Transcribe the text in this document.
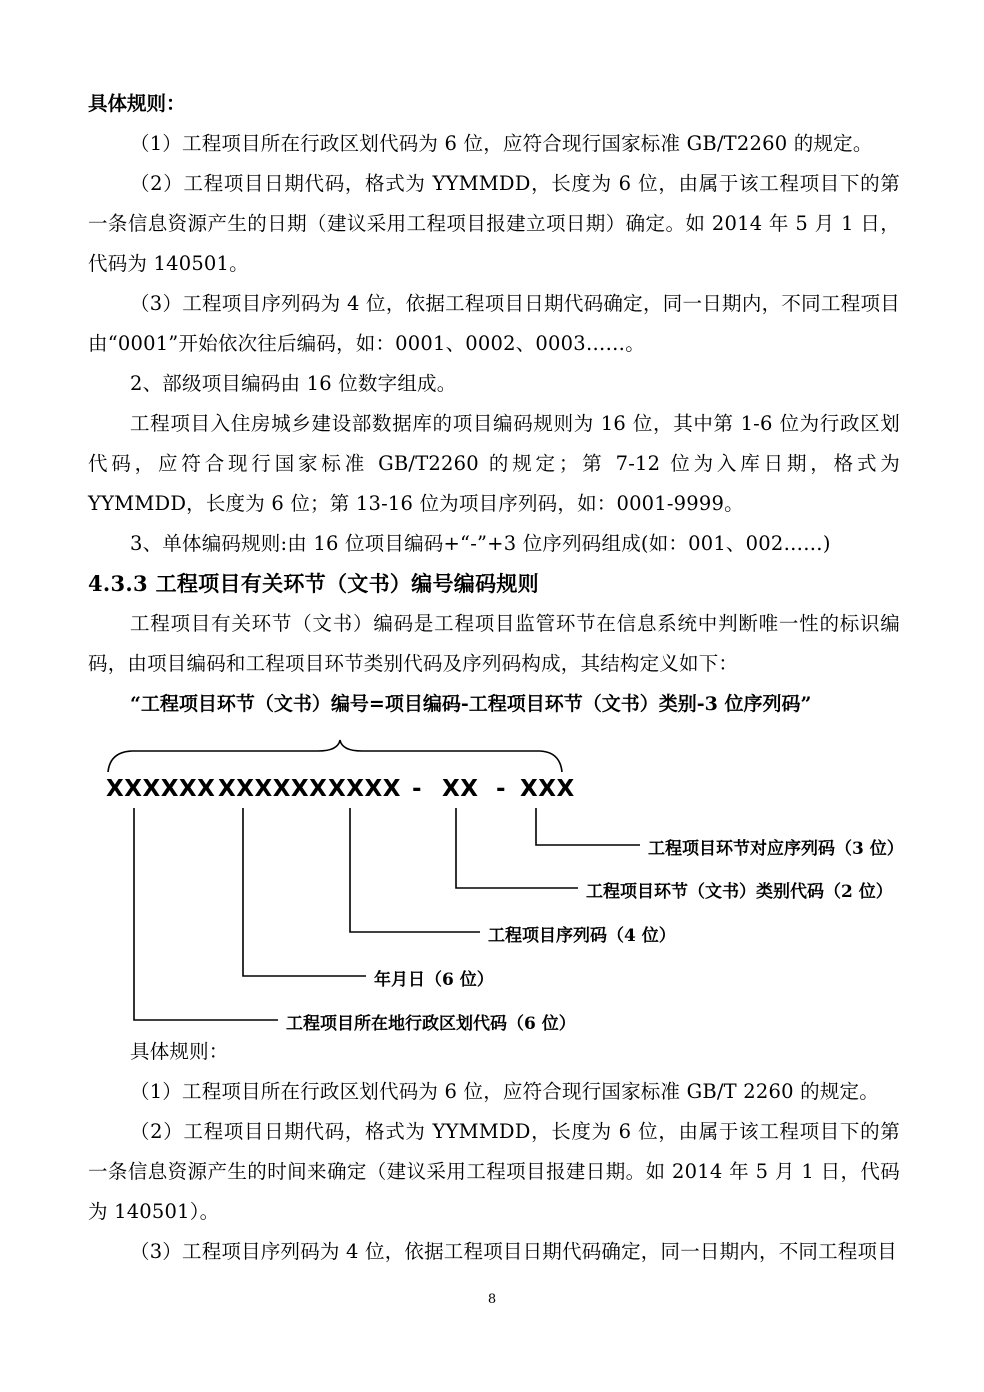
具体规则：

（1）工程项目所在行政区划代码为 6 位，应符合现行国家标准 GB/T2260 的规定。

（2）工程项目日期代码，格式为 YYMMDD，长度为 6 位，由属于该工程项目下的第一条信息资源产生的日期（建议采用工程项目报建立项日期）确定。如 2014 年 5 月 1 日，代码为 140501。

（3）工程项目序列码为 4 位，依据工程项目日期代码确定，同一日期内，不同工程项目由“0001”开始依次往后编码，如：0001、0002、0003……。

2、部级项目编码由 16 位数字组成。

工程项目入住房城乡建设部数据库的项目编码规则为 16 位，其中第 1-6 位为行政区划代码，应符合现行国家标准 GB/T2260 的规定；第 7-12 位为入库日期，格式为 YYMMDD，长度为 6 位；第 13-16 位为项目序列码，如：0001-9999。

3、单体编码规则:由 16 位项目编码+“-”+3 位序列码组成(如：001、002……)

4.3.3 工程项目有关环节（文书）编号编码规则

工程项目有关环节（文书）编码是工程项目监管环节在信息系统中判断唯一性的标识编码，由项目编码和工程项目环节类别代码及序列码构成，其结构定义如下：

“工程项目环节（文书）编号=项目编码-工程项目环节（文书）类别-3 位序列码”

XXXXXX

XXXXXX

XXXX

-

XX

-

XXX

工程项目环节对应序列码（3 位）
工程项目环节（文书）类别代码（2 位）
工程项目序列码（4 位）
年月日（6 位）
工程项目所在地行政区划代码（6 位）

具体规则：

（1）工程项目所在行政区划代码为 6 位，应符合现行国家标准 GB/T 2260 的规定。

（2）工程项目日期代码，格式为 YYMMDD，长度为 6 位，由属于该工程项目下的第一条信息资源产生的时间来确定（建议采用工程项目报建日期。如 2014 年 5 月 1 日，代码为 140501）。

（3）工程项目序列码为 4 位，依据工程项目日期代码确定，同一日期内，不同工程项目

8
